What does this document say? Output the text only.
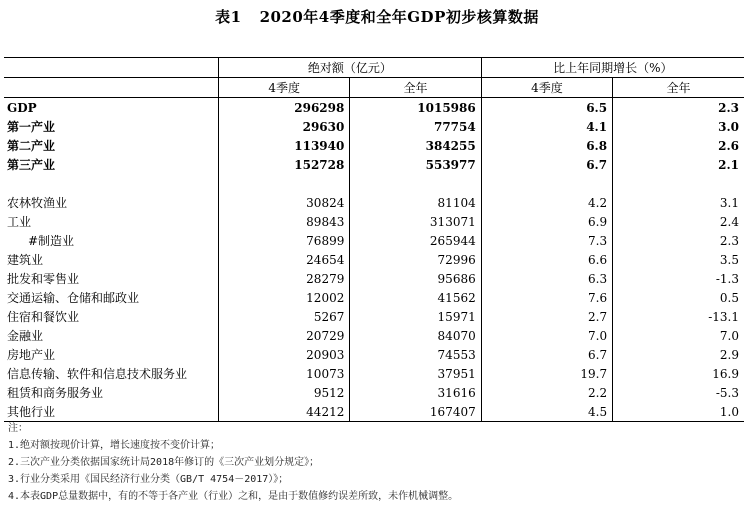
表1 2020年4季度和全年GDP初步核算数据
	绝对额（亿元）		比上年同期增长（%）	
	4季度	全年	4季度	全年
GDP	296298	1015986	6.5	2.3
第一产业	29630	77754	4.1	3.0
第二产业	113940	384255	6.8	2.6
第三产业	152728	553977	6.7	2.1

农林牧渔业	30824	81104	4.2	3.1
工业	89843	313071	6.9	2.4
#制造业	76899	265944	7.3	2.3
建筑业	24654	72996	6.6	3.5
批发和零售业	28279	95686	6.3	-1.3
交通运输、仓储和邮政业	12002	41562	7.6	0.5
住宿和餐饮业	5267	15971	2.7	-13.1
金融业	20729	84070	7.0	7.0
房地产业	20903	74553	6.7	2.9
信息传输、软件和信息技术服务业	10073	37951	19.7	16.9
租赁和商务服务业	9512	31616	2.2	-5.3
其他行业	44212	167407	4.5	1.0
注：
1.绝对额按现价计算，增长速度按不变价计算；
2.三次产业分类依据国家统计局2018年修订的《三次产业划分规定》；
3.行业分类采用《国民经济行业分类（GB/T 4754－2017）》；
4.本表GDP总量数据中，有的不等于各产业（行业）之和，是由于数值修约误差所致，未作机械调整。
